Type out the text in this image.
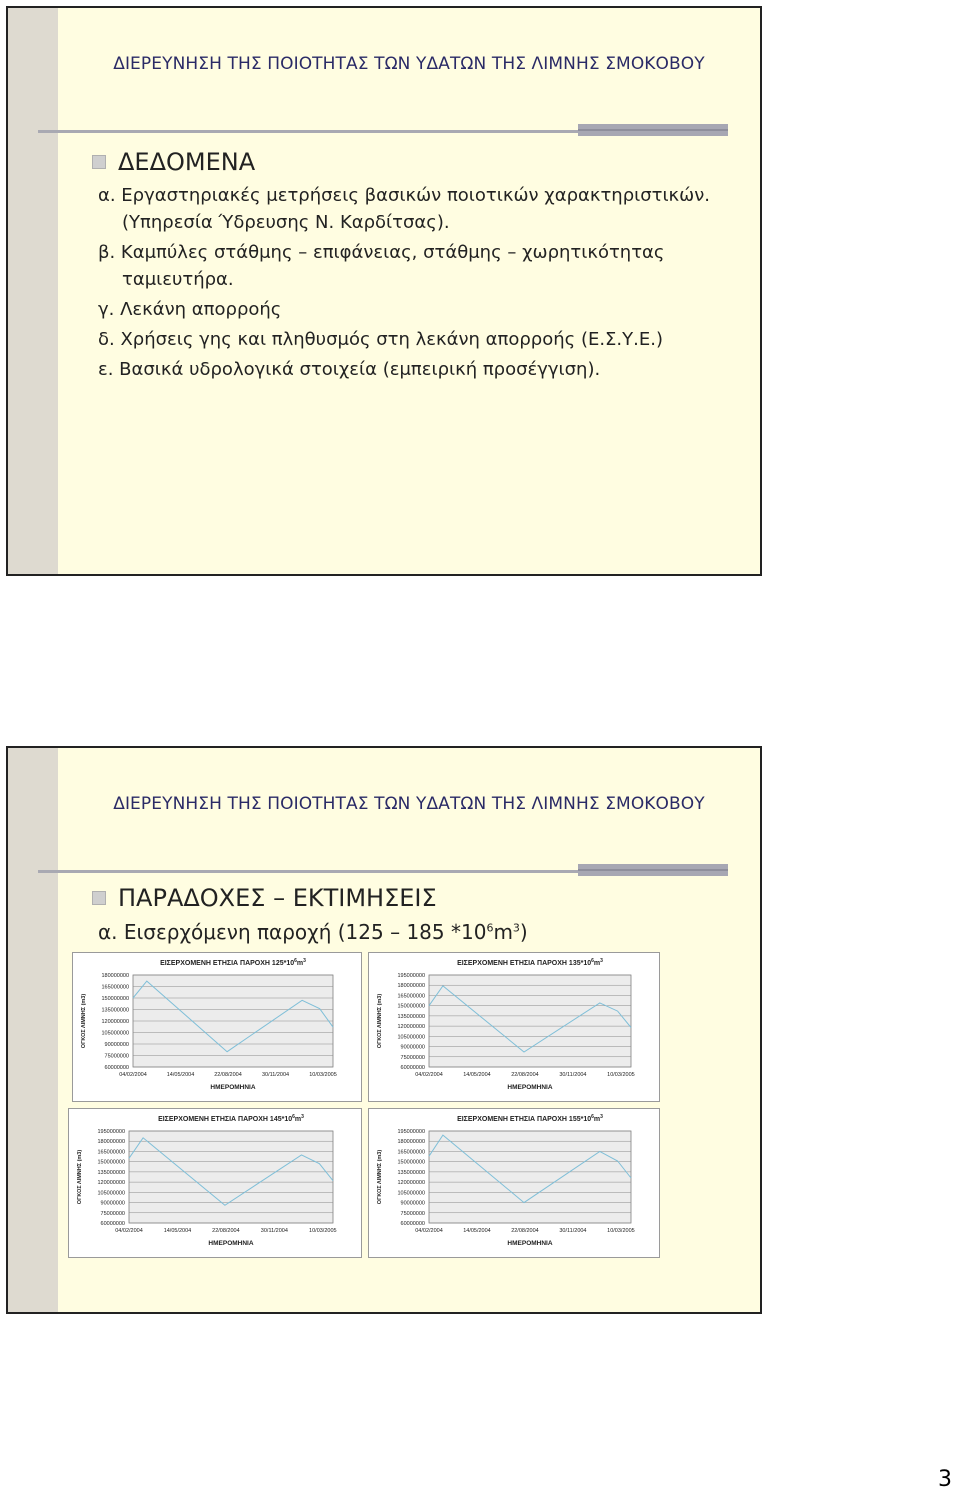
ΔΙΕΡΕΥΝΗΣΗ ΤΗΣ ΠΟΙΟΤΗΤΑΣ ΤΩΝ ΥΔΑΤΩΝ ΤΗΣ ΛΙΜΝΗΣ ΣΜΟΚΟΒΟΥ
ΔΕΔΟΜΕΝΑ
α. Εργαστηριακές μετρήσεις βασικών ποιοτικών χαρακτηριστικών.
(Υπηρεσία Ύδρευσης Ν. Καρδίτσας).
β. Καμπύλες στάθμης – επιφάνειας, στάθμης – χωρητικότητας
ταμιευτήρα.
γ. Λεκάνη απορροής
δ. Χρήσεις γης και πληθυσμός στη λεκάνη απορροής (Ε.Σ.Υ.Ε.)
ε. Βασικά υδρολογικά στοιχεία (εμπειρική προσέγγιση).
ΔΙΕΡΕΥΝΗΣΗ ΤΗΣ ΠΟΙΟΤΗΤΑΣ ΤΩΝ ΥΔΑΤΩΝ ΤΗΣ ΛΙΜΝΗΣ ΣΜΟΚΟΒΟΥ
ΠΑΡΑΔΟΧΕΣ – ΕΚΤΙΜΗΣΕΙΣ
α. Εισερχόμενη παροχή (125 – 185 $*10^6m^3$)
ΕΙΣΕΡΧΟΜΕΝΗ ΕΤΗΣΙΑ ΠΑΡΟΧΗ $125*10^6m^3$
180000000
165000000
150000000
135000000
120000000
105000000
90000000
75000000
60000000
04/02/2004	14/05/2004	22/08/2004	30/11/2004	10/03/2005
ΗΜΕΡΟΜΗΝΙΑ
ΟΓΚΟΣ ΛΙΜΝΗΣ (m3)
ΕΙΣΕΡΧΟΜΕΝΗ ΕΤΗΣΙΑ ΠΑΡΟΧΗ $135*10^6m^3$
195000000
180000000
165000000
150000000
135000000
120000000
105000000
90000000
75000000
60000000
04/02/2004	14/05/2004	22/08/2004	30/11/2004	10/03/2005
ΗΜΕΡΟΜΗΝΙΑ
ΟΓΚΟΣ ΛΙΜΝΗΣ (m3)
ΕΙΣΕΡΧΟΜΕΝΗ ΕΤΗΣΙΑ ΠΑΡΟΧΗ $145*10^6m^3$
195000000
180000000
165000000
150000000
135000000
120000000
105000000
90000000
75000000
60000000
04/02/2004	14/05/2004	22/08/2004	30/11/2004	10/03/2005
ΗΜΕΡΟΜΗΝΙΑ
ΟΓΚΟΣ ΛΙΜΝΗΣ (m3)
ΕΙΣΕΡΧΟΜΕΝΗ ΕΤΗΣΙΑ ΠΑΡΟΧΗ $155*10^6m^3$
195000000
180000000
165000000
150000000
135000000
120000000
105000000
90000000
75000000
60000000
04/02/2004	14/05/2004	22/08/2004	30/11/2004	10/03/2005
ΗΜΕΡΟΜΗΝΙΑ
ΟΓΚΟΣ ΛΙΜΝΗΣ (m3)
3
